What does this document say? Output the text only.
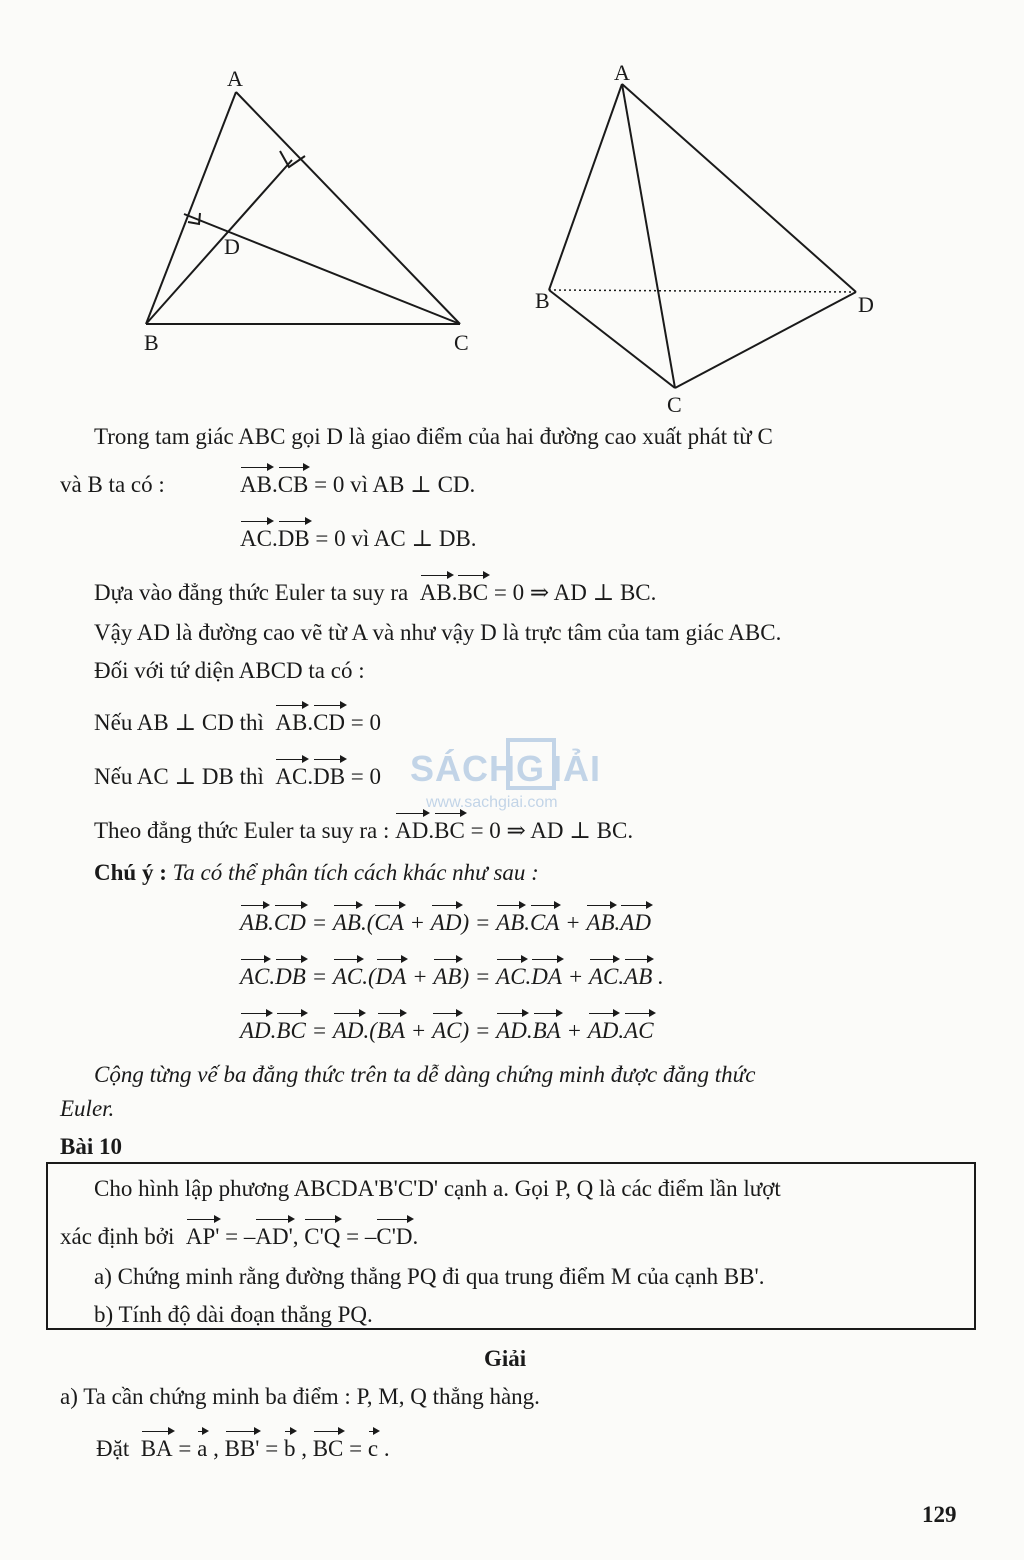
A
B	C
D
A
B
C
D
SÁCH G IẢI
www.sachgiai.com
Trong tam giác ABC gọi D là giao điểm của hai đường cao xuất phát từ C
và B ta có :	AB.CB = 0 vì AB ⊥ CD.
AC.DB = 0 vì AC ⊥ DB.
Dựa vào đẳng thức Euler ta suy ra AB.BC = 0 ⇒ AD ⊥ BC.
Vậy AD là đường cao vẽ từ A và như vậy D là trực tâm của tam giác ABC.
Đối với tứ diện ABCD ta có :
Nếu AB ⊥ CD thì AB.CD = 0
Nếu AC ⊥ DB thì AC.DB = 0
Theo đẳng thức Euler ta suy ra : AD.BC = 0 ⇒ AD ⊥ BC.
Chú ý : Ta có thể phân tích cách khác như sau :
AB.CD = AB.(CA + AD) = AB.CA + AB.AD
AC.DB = AC.(DA + AB) = AC.DA + AC.AB .
AD.BC = AD.(BA + AC) = AD.BA + AD.AC
Cộng từng vế ba đẳng thức trên ta dễ dàng chứng minh được đẳng thức
Euler.
Bài 10
Cho hình lập phương ABCDA'B'C'D' cạnh a. Gọi P, Q là các điểm lần lượt
xác định bởi AP' = –AD', C'Q = –C'D.
a) Chứng minh rằng đường thẳng PQ đi qua trung điểm M của cạnh BB'.
b) Tính độ dài đoạn thẳng PQ.
Giải
a) Ta cần chứng minh ba điểm : P, M, Q thẳng hàng.
Đặt BA = a , BB' = b , BC = c .
129
